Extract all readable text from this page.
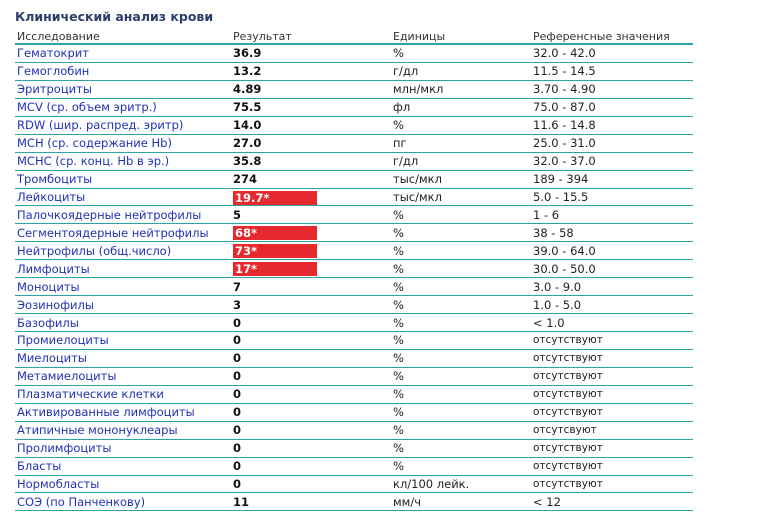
Клинический анализ крови
Исследование	Результат	Единицы	Референсные значения
Гематокрит	36.9	%	32.0 - 42.0
Гемоглобин	13.2	г/дл	11.5 - 14.5
Эритроциты	4.89	млн/мкл	3.70 - 4.90
MCV (ср. объем эритр.)	75.5	фл	75.0 - 87.0
RDW (шир. распред. эритр)	14.0	%	11.6 - 14.8
MCH (ср. содержание Hb)	27.0	пг	25.0 - 31.0
MCHC (ср. конц. Hb в эр.)	35.8	г/дл	32.0 - 37.0
Тромбоциты	274	тыс/мкл	189 - 394
Лейкоциты	19.7*	тыс/мкл	5.0 - 15.5
Палочкоядерные нейтрофилы	5	%	1 - 6
Сегментоядерные нейтрофилы 68*	%	38 - 58
Нейтрофилы (общ.число)	73*	%	39.0 - 64.0
Лимфоциты	17*	%	30.0 - 50.0
Моноциты	7	%	3.0 - 9.0
Эозинофилы	3	%	1.0 - 5.0
Базофилы	0	%	< 1.0
Промиелоциты	0	%	отсутствуют
Миелоциты	0	%	отсутствуют
Метамиелоциты	0	%	отсутствуют
Плазматические клетки	0	%	отсутствуют
Активированные лимфоциты	0	%	отсутствуют
Атипичные мононуклеары	0	%	отсутсвуют
Пролимфоциты	0	%	отсутствуют
Бласты	0	%	отсутствуют
Нормобласты	0	кл/100 лейк.	отсутствуют
СОЭ (по Панченкову)	11	мм/ч	< 12
